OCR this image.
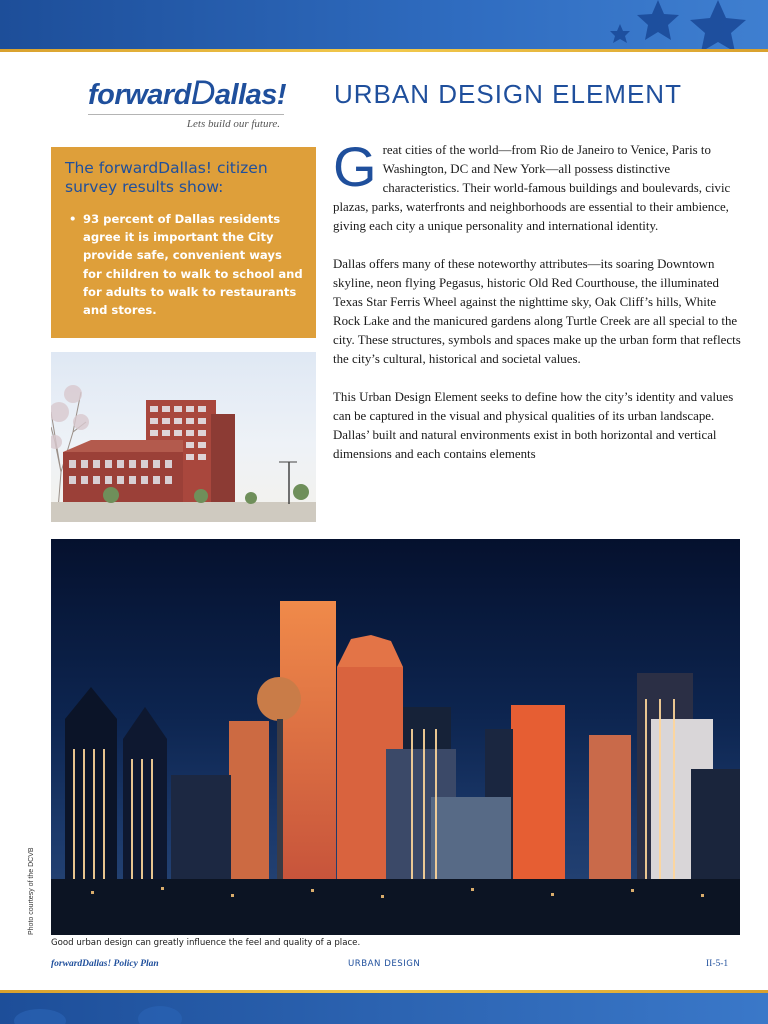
forwardDallas!
Lets build our future.
URBAN DESIGN ELEMENT
The forwardDallas! citizen survey results show:
• 93 percent of Dallas residents agree it is important the City provide safe, convenient ways for children to walk to school and for adults to walk to restaurants and stores.

Great cities of the world—from Rio de Janeiro to Venice, Paris to Washington, DC and New York—all possess distinctive characteristics. Their world-famous buildings and boulevards, civic plazas, parks, waterfronts and neighborhoods are essential to their ambience, giving each city a unique personality and international identity.

Dallas offers many of these noteworthy attributes—its soaring Downtown skyline, neon flying Pegasus, historic Old Red Courthouse, the illuminated Texas Star Ferris Wheel against the nighttime sky, Oak Cliff’s hills, White Rock Lake and the manicured gardens along Turtle Creek are all special to the city. These structures, symbols and spaces make up the urban form that reflects the city’s cultural, historical and societal values.

This Urban Design Element seeks to define how the city’s identity and values can be captured in the visual and physical qualities of its urban landscape. Dallas’ built and natural environments exist in both horizontal and vertical dimensions and each contains elements

Photo courtesy of the DCVB
Good urban design can greatly influence the feel and quality of a place.
forwardDallas! Policy Plan	URBAN DESIGN	II-5-1
